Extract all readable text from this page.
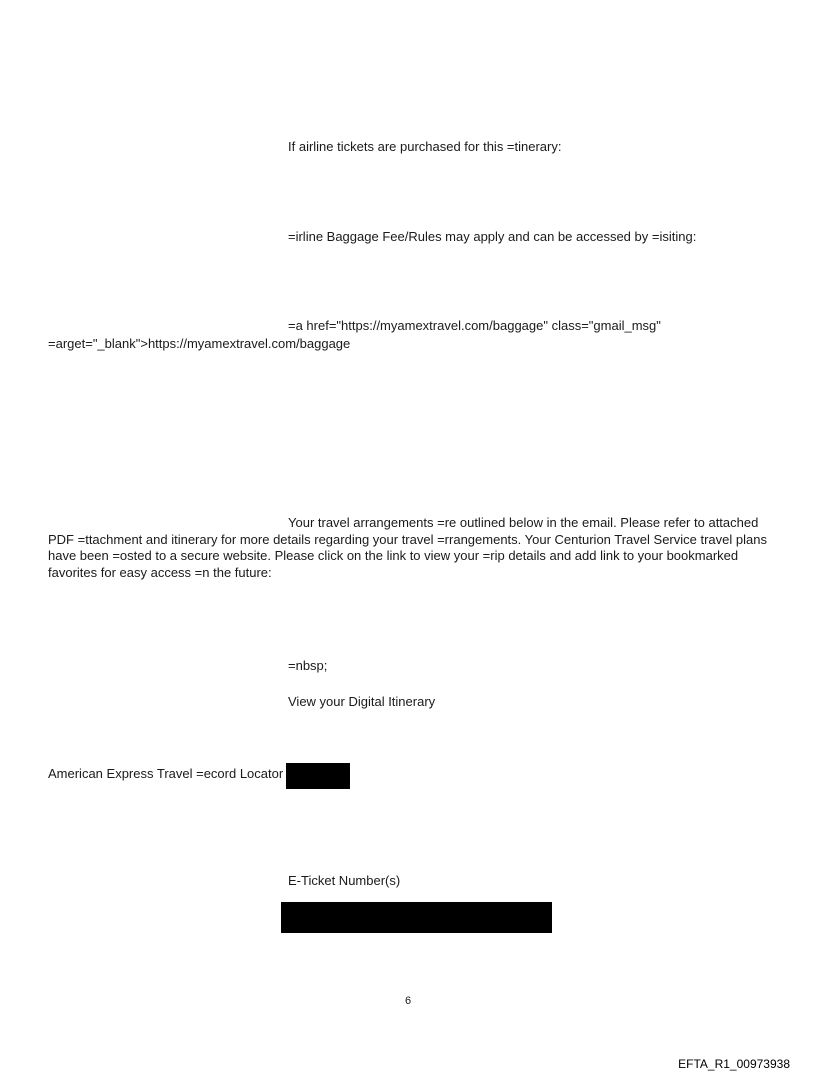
If airline tickets are purchased for this =tinerary:
=irline Baggage Fee/Rules may apply and can be accessed by =isiting:
=a href="https://myamextravel.com/baggage" class="gmail_msg"
=arget="_blank">https://myamextravel.com/baggage
Your travel arrangements =re outlined below in the email. Please refer to attached PDF =ttachment and itinerary for more details regarding your travel =rrangements. Your Centurion Travel Service travel plans have been =osted to a secure website. Please click on the link to view your =rip details and add link to your bookmarked favorites for easy access =n the future:
=nbsp;
View your Digital Itinerary
American Express Travel =ecord Locator
E-Ticket Number(s)
6
EFTA_R1_00973938
